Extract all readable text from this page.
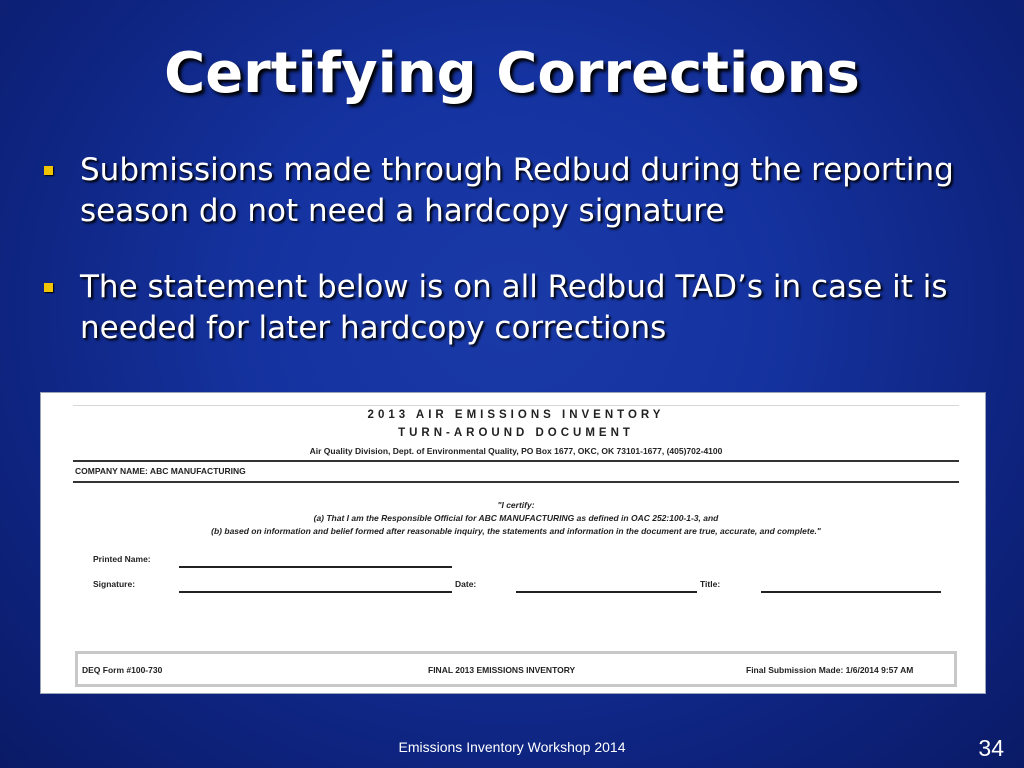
Certifying Corrections
Submissions made through Redbud during the reporting season do not need a hardcopy signature
The statement below is on all Redbud TAD’s in case it is needed for later hardcopy corrections
2013 AIR EMISSIONS INVENTORY
TURN-AROUND DOCUMENT
Air Quality Division, Dept. of Environmental Quality, PO Box 1677, OKC, OK 73101-1677, (405)702-4100
COMPANY NAME: ABC MANUFACTURING
"I certify:
(a) That I am the Responsible Official for ABC MANUFACTURING as defined in OAC 252:100-1-3, and
(b) based on information and belief formed after reasonable inquiry, the statements and information in the document are true, accurate, and complete."
Printed Name:
Signature:	Date:	Title:
DEQ Form #100-730	FINAL 2013 EMISSIONS INVENTORY	Final Submission Made: 1/6/2014 9:57 AM
Emissions Inventory Workshop 2014	34
